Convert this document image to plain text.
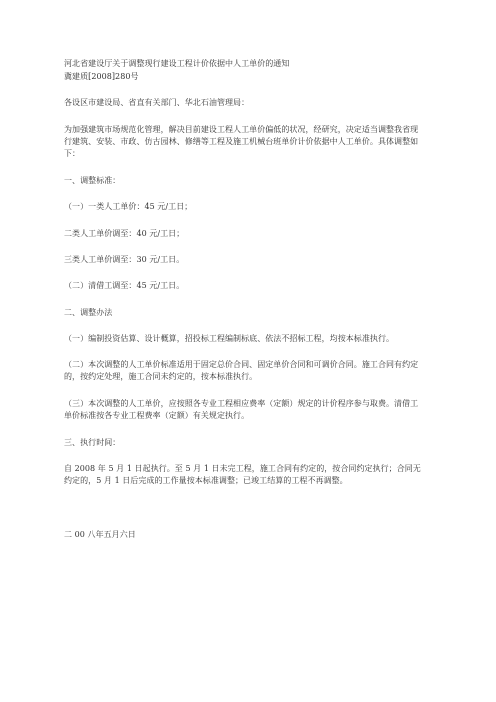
河北省建设厅关于调整现行建设工程计价依据中人工单价的通知
冀建质[2008]280号
各设区市建设局、省直有关部门、华北石油管理局：
为加强建筑市场规范化管理，解决目前建设工程人工单价偏低的状况，经研究，决定适当调整我省现行建筑、安装、市政、仿古园林、修缮等工程及施工机械台班单价计价依据中人工单价。具体调整如下：
一、调整标准：
（一）一类人工单价：45 元/工日；
二类人工单价调至：40 元/工日；
三类人工单价调至：30 元/工日。
（二）清借工调至：45 元/工日。
二、调整办法
（一）编制投资估算、设计概算，招投标工程编制标底、依法不招标工程，均按本标准执行。
（二）本次调整的人工单价标准适用于固定总价合同、固定单价合同和可调价合同。施工合同有约定的，按约定处理，施工合同未约定的，按本标准执行。
（三）本次调整的人工单价，应按照各专业工程相应费率（定额）规定的计价程序参与取费。清借工单价标准按各专业工程费率（定额）有关规定执行。
三、执行时间：
自 2008 年 5 月 1 日起执行。至 5 月 1 日未完工程，施工合同有约定的，按合同约定执行；合同无约定的，5 月 1 日后完成的工作量按本标准调整；已竣工结算的工程不再调整。
二 00 八年五月六日
